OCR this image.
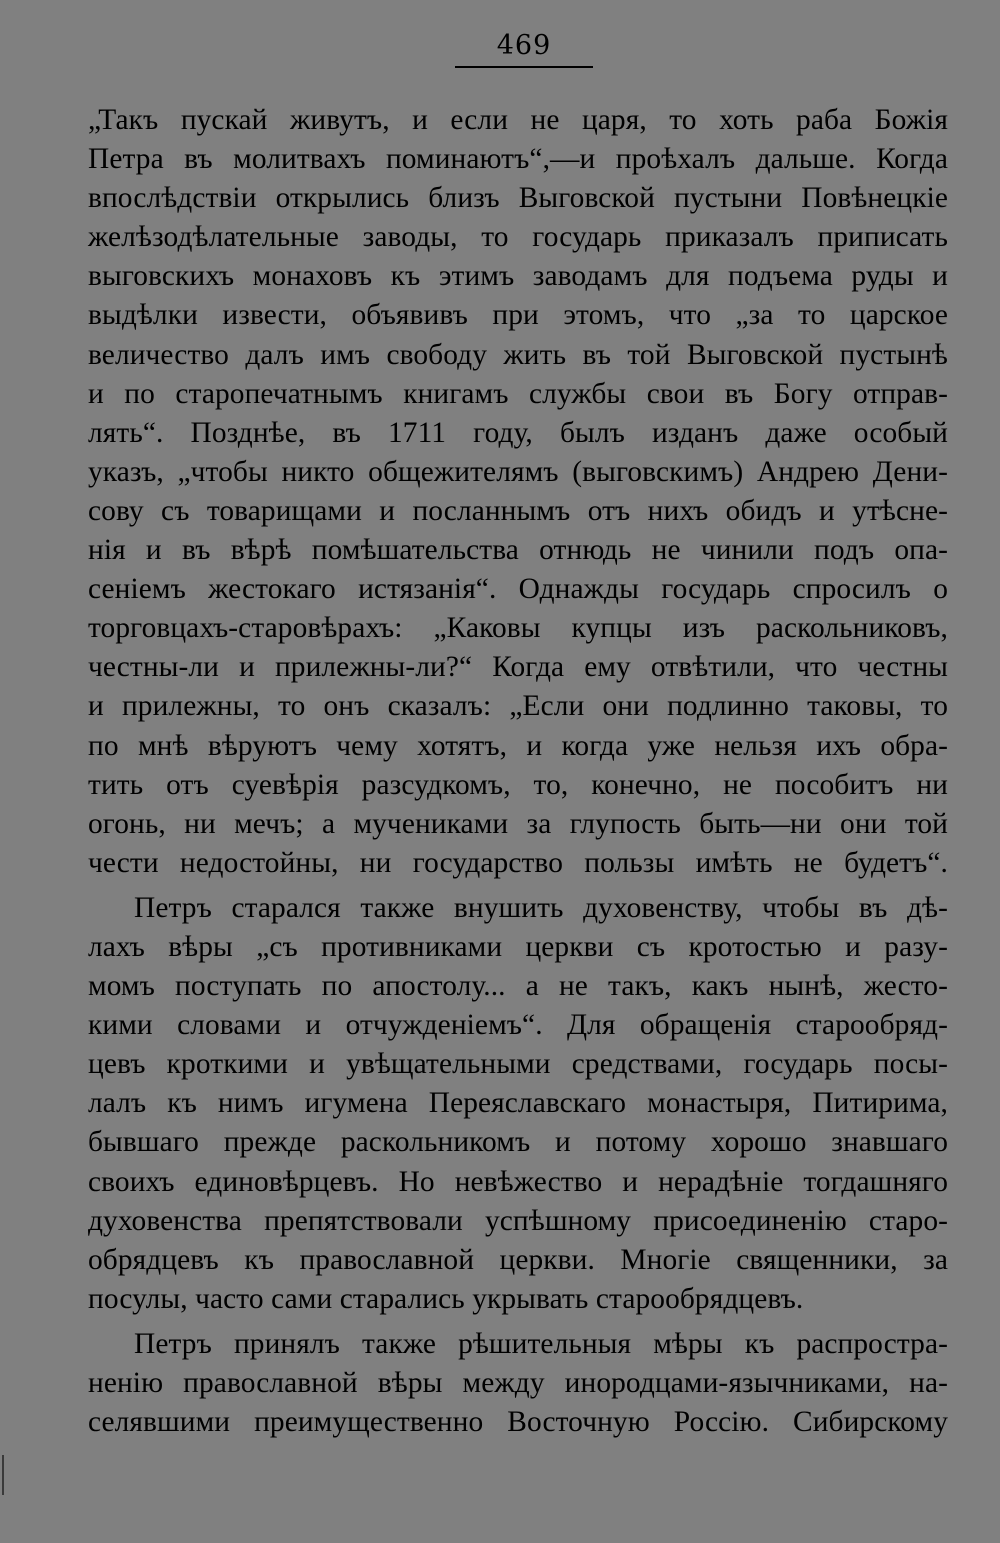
469
„Такъ пускай живутъ, и если не царя, то хоть раба Божія
Петра въ молитвахъ поминаютъ“,—и проѣхалъ дальше. Когда
впослѣдствіи открылись близъ Выговской пустыни Повѣнецкіе
желѣзодѣлательные заводы, то государь приказалъ приписать
выговскихъ монаховъ къ этимъ заводамъ для подъема руды и
выдѣлки извести, объявивъ при этомъ, что „за то царское
величество далъ имъ свободу жить въ той Выговской пустынѣ
и по старопечатнымъ книгамъ службы свои въ Богу отправ-
лять“. Позднѣе, въ 1711 году, былъ изданъ даже особый
указъ, „чтобы никто общежителямъ (выговскимъ) Андрею Дени-
сову съ товарищами и посланнымъ отъ нихъ обидъ и утѣсне-
нія и въ вѣрѣ помѣшательства отнюдь не чинили подъ опа-
сеніемъ жестокаго истязанія“. Однажды государь спросилъ о
торговцахъ-старовѣрахъ: „Каковы купцы изъ раскольниковъ,
честны-ли и прилежны-ли?“ Когда ему отвѣтили, что честны
и прилежны, то онъ сказалъ: „Если они подлинно таковы, то
по мнѣ вѣруютъ чему хотятъ, и когда уже нельзя ихъ обра-
тить отъ суевѣрія разсудкомъ, то, конечно, не пособитъ ни
огонь, ни мечъ; а мучениками за глупость быть—ни они той
чести недостойны, ни государство пользы имѣть не будетъ“.
Петръ старался также внушить духовенству, чтобы въ дѣ-
лахъ вѣры „съ противниками церкви съ кротостью и разу-
момъ поступать по апостолу... а не такъ, какъ нынѣ, жесто-
кими словами и отчужденіемъ“. Для обращенія старообряд-
цевъ кроткими и увѣщательными средствами, государь посы-
лалъ къ нимъ игумена Переяславскаго монастыря, Питирима,
бывшаго прежде раскольникомъ и потому хорошо знавшаго
своихъ единовѣрцевъ. Но невѣжество и нерадѣніе тогдашняго
духовенства препятствовали успѣшному присоединенію старо-
обрядцевъ къ православной церкви. Многіе священники, за
посулы, часто сами старались укрывать старообрядцевъ.
Петръ принялъ также рѣшительныя мѣры къ распростра-
ненію православной вѣры между инородцами-язычниками, на-
селявшими преимущественно Восточную Россію. Сибирскому
